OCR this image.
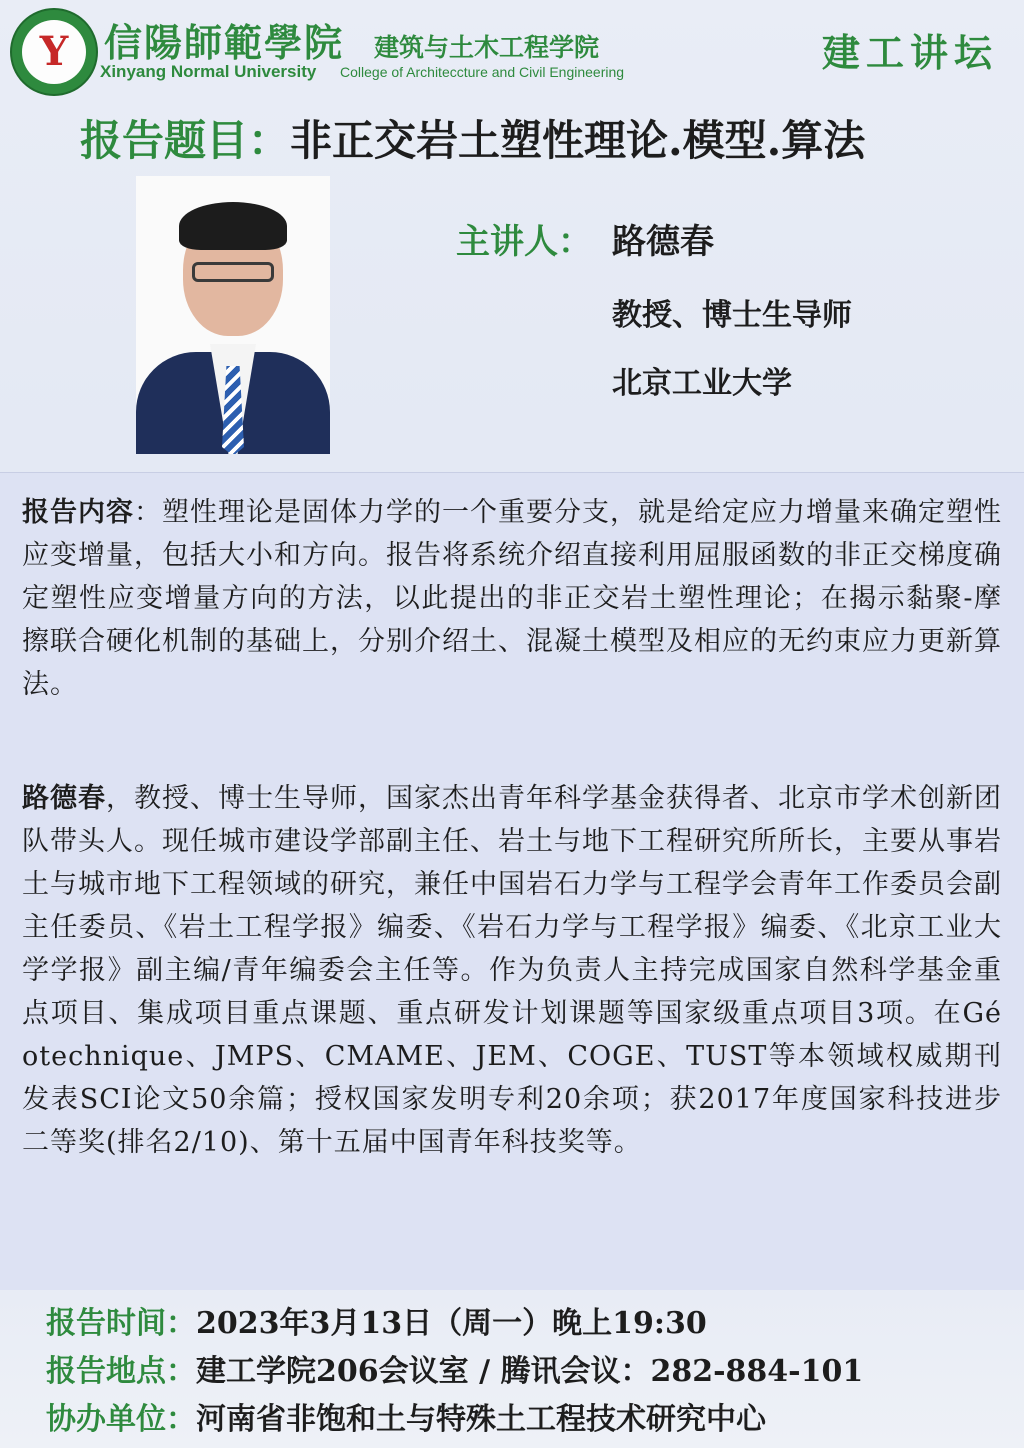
Y
信陽師範學院
Xinyang Normal University
建筑与土木工程学院
College of Architeccture and Civil Engineering	建工讲坛
报告题目：非正交岩土塑性理论.模型.算法
主讲人： 路德春
教授、博士生导师
北京工业大学
报告内容：塑性理论是固体力学的一个重要分支，就是给定应力增量来确定塑性应变增量，包括大小和方向。报告将系统介绍直接利用屈服函数的非正交梯度确定塑性应变增量方向的方法，以此提出的非正交岩土塑性理论；在揭示黏聚-摩擦联合硬化机制的基础上，分别介绍土、混凝土模型及相应的无约束应力更新算法。
路德春，教授、博士生导师，国家杰出青年科学基金获得者、北京市学术创新团队带头人。现任城市建设学部副主任、岩土与地下工程研究所所长，主要从事岩土与城市地下工程领域的研究，兼任中国岩石力学与工程学会青年工作委员会副主任委员、《岩土工程学报》编委、《岩石力学与工程学报》编委、《北京工业大学学报》副主编/青年编委会主任等。作为负责人主持完成国家自然科学基金重点项目、集成项目重点课题、重点研发计划课题等国家级重点项目3项。在Gé otechnique、JMPS、CMAME、JEM、COGE、TUST等本领域权威期刊发表SCI论文50余篇；授权国家发明专利20余项；获2017年度国家科技进步二等奖(排名2/10)、第十五届中国青年科技奖等。
报告时间：2023年3月13日（周一）晚上19:30
报告地点：建工学院206会议室 / 腾讯会议：282-884-101
协办单位：河南省非饱和土与特殊土工程技术研究中心
